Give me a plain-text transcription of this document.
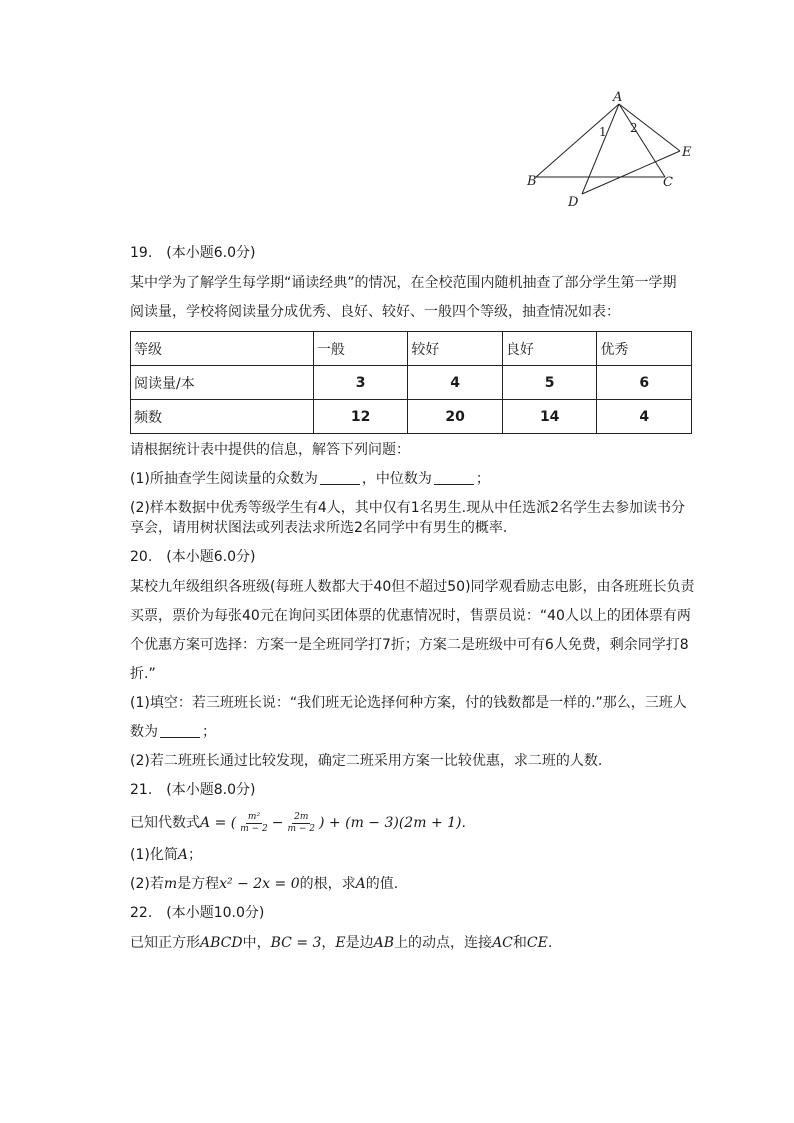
A
B	C
D
E
1 2
19.　(本小题6.0分)
某中学为了解学生每学期“诵读经典”的情况，在全校范围内随机抽查了部分学生第一学期
阅读量，学校将阅读量分成优秀、良好、较好、一般四个等级，抽查情况如表：
等级	一般	较好	良好	优秀
阅读量/本	3	4	5	6
频数	12	20	14	4
请根据统计表中提供的信息，解答下列问题：
(1)所抽查学生阅读量的众数为	，中位数为	；
(2)样本数据中优秀等级学生有4人，其中仅有1名男生.现从中任选派2名学生去参加读书分享会，请用树状图法或列表法求所选2名同学中有男生的概率.
20.　(本小题6.0分)
某校九年级组织各班级(每班人数都大于40但不超过50)同学观看励志电影，由各班班长负责
买票，票价为每张40元在询问买团体票的优惠情况时，售票员说：“40人以上的团体票有两
个优惠方案可选择：方案一是全班同学打7折；方案二是班级中可有6人免费，剩余同学打8
折.”
(1)填空：若三班班长说：“我们班无论选择何种方案，付的钱数都是一样的.”那么，三班人
数为	；
(2)若二班班长通过比较发现，确定二班采用方案一比较优惠，求二班的人数.
21.　(本小题8.0分)
已知代数式A = ( $\frac{\text{m²}}{m - 2} - \frac{2m}{m - 2}$ ) + (m − 3)(2m + 1).
(1)化简A；
(2)若m是方程x² − 2x = 0的根，求A的值.
22.　(本小题10.0分)
已知正方形ABCD中，BC = 3，E是边AB上的动点，连接AC和CE.
